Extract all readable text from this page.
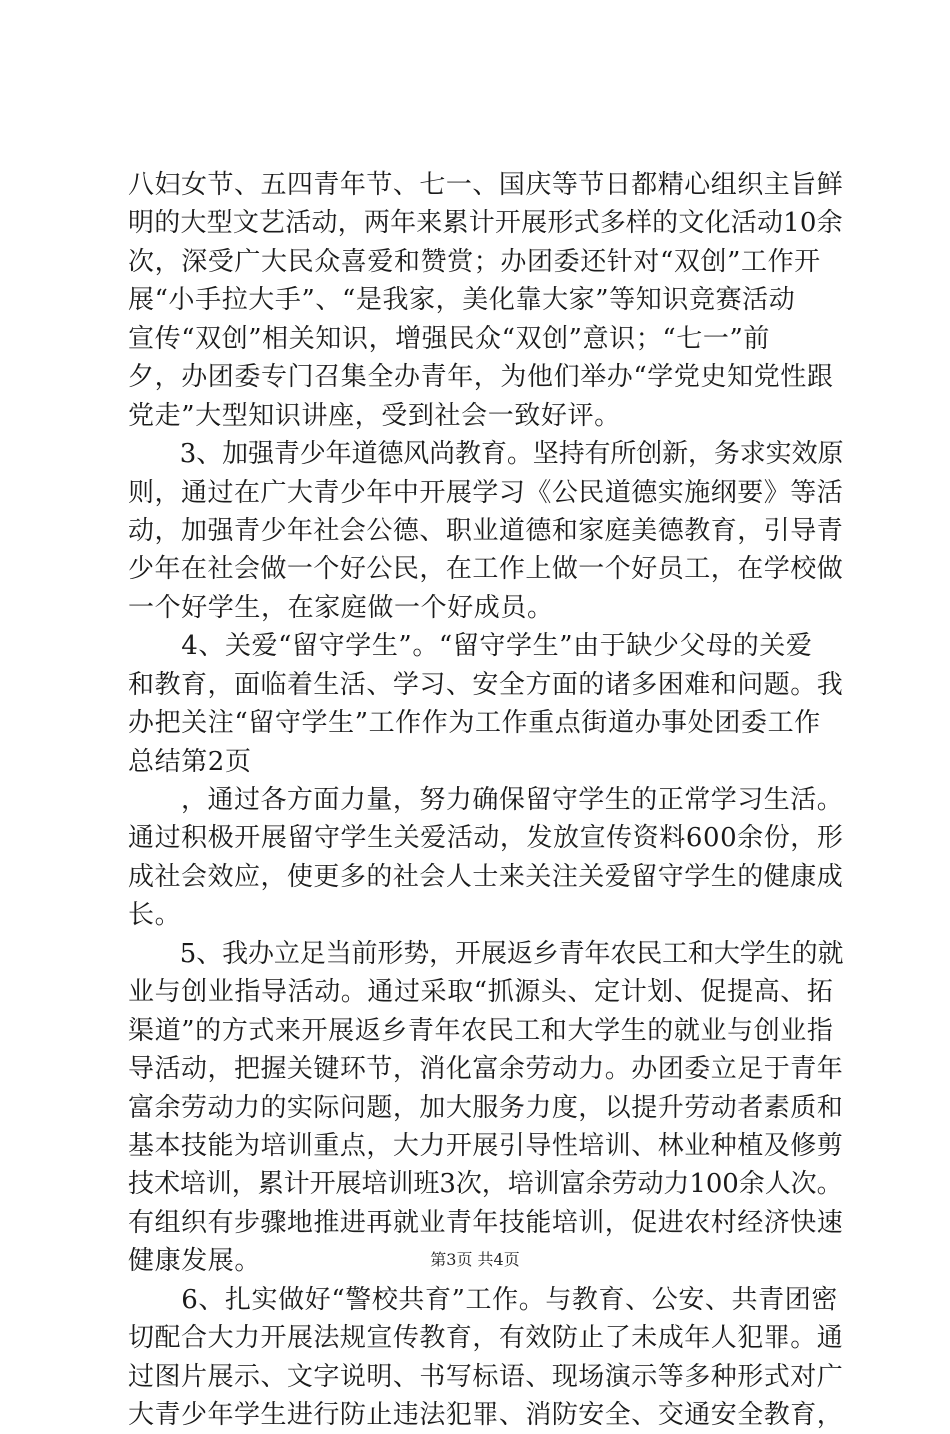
八妇女节、五四青年节、七一、国庆等节日都精心组织主旨鲜
明的大型文艺活动，两年来累计开展形式多样的文化活动10余
次，深受广大民众喜爱和赞赏；办团委还针对“双创”工作开
展“小手拉大手”、“是我家，美化靠大家”等知识竞赛活动
宣传“双创”相关知识，增强民众“双创”意识；“七一”前
夕，办团委专门召集全办青年，为他们举办“学党史知党性跟
党走”大型知识讲座，受到社会一致好评。
　　3、加强青少年道德风尚教育。坚持有所创新，务求实效原
则，通过在广大青少年中开展学习《公民道德实施纲要》等活
动，加强青少年社会公德、职业道德和家庭美德教育，引导青
少年在社会做一个好公民，在工作上做一个好员工，在学校做
一个好学生，在家庭做一个好成员。
　　4、关爱“留守学生”。“留守学生”由于缺少父母的关爱
和教育，面临着生活、学习、安全方面的诸多困难和问题。我
办把关注“留守学生”工作作为工作重点街道办事处团委工作
总结第2页
　　，通过各方面力量，努力确保留守学生的正常学习生活。
通过积极开展留守学生关爱活动，发放宣传资料600余份，形
成社会效应，使更多的社会人士来关注关爱留守学生的健康成
长。
　　5、我办立足当前形势，开展返乡青年农民工和大学生的就
业与创业指导活动。通过采取“抓源头、定计划、促提高、拓
渠道”的方式来开展返乡青年农民工和大学生的就业与创业指
导活动，把握关键环节，消化富余劳动力。办团委立足于青年
富余劳动力的实际问题，加大服务力度，以提升劳动者素质和
基本技能为培训重点，大力开展引导性培训、林业种植及修剪
技术培训，累计开展培训班3次，培训富余劳动力100余人次。
有组织有步骤地推进再就业青年技能培训，促进农村经济快速
健康发展。
　　6、扎实做好“警校共育”工作。与教育、公安、共青团密
切配合大力开展法规宣传教育，有效防止了未成年人犯罪。通
过图片展示、文字说明、书写标语、现场演示等多种形式对广
大青少年学生进行防止违法犯罪、消防安全、交通安全教育，
第3页 共4页
